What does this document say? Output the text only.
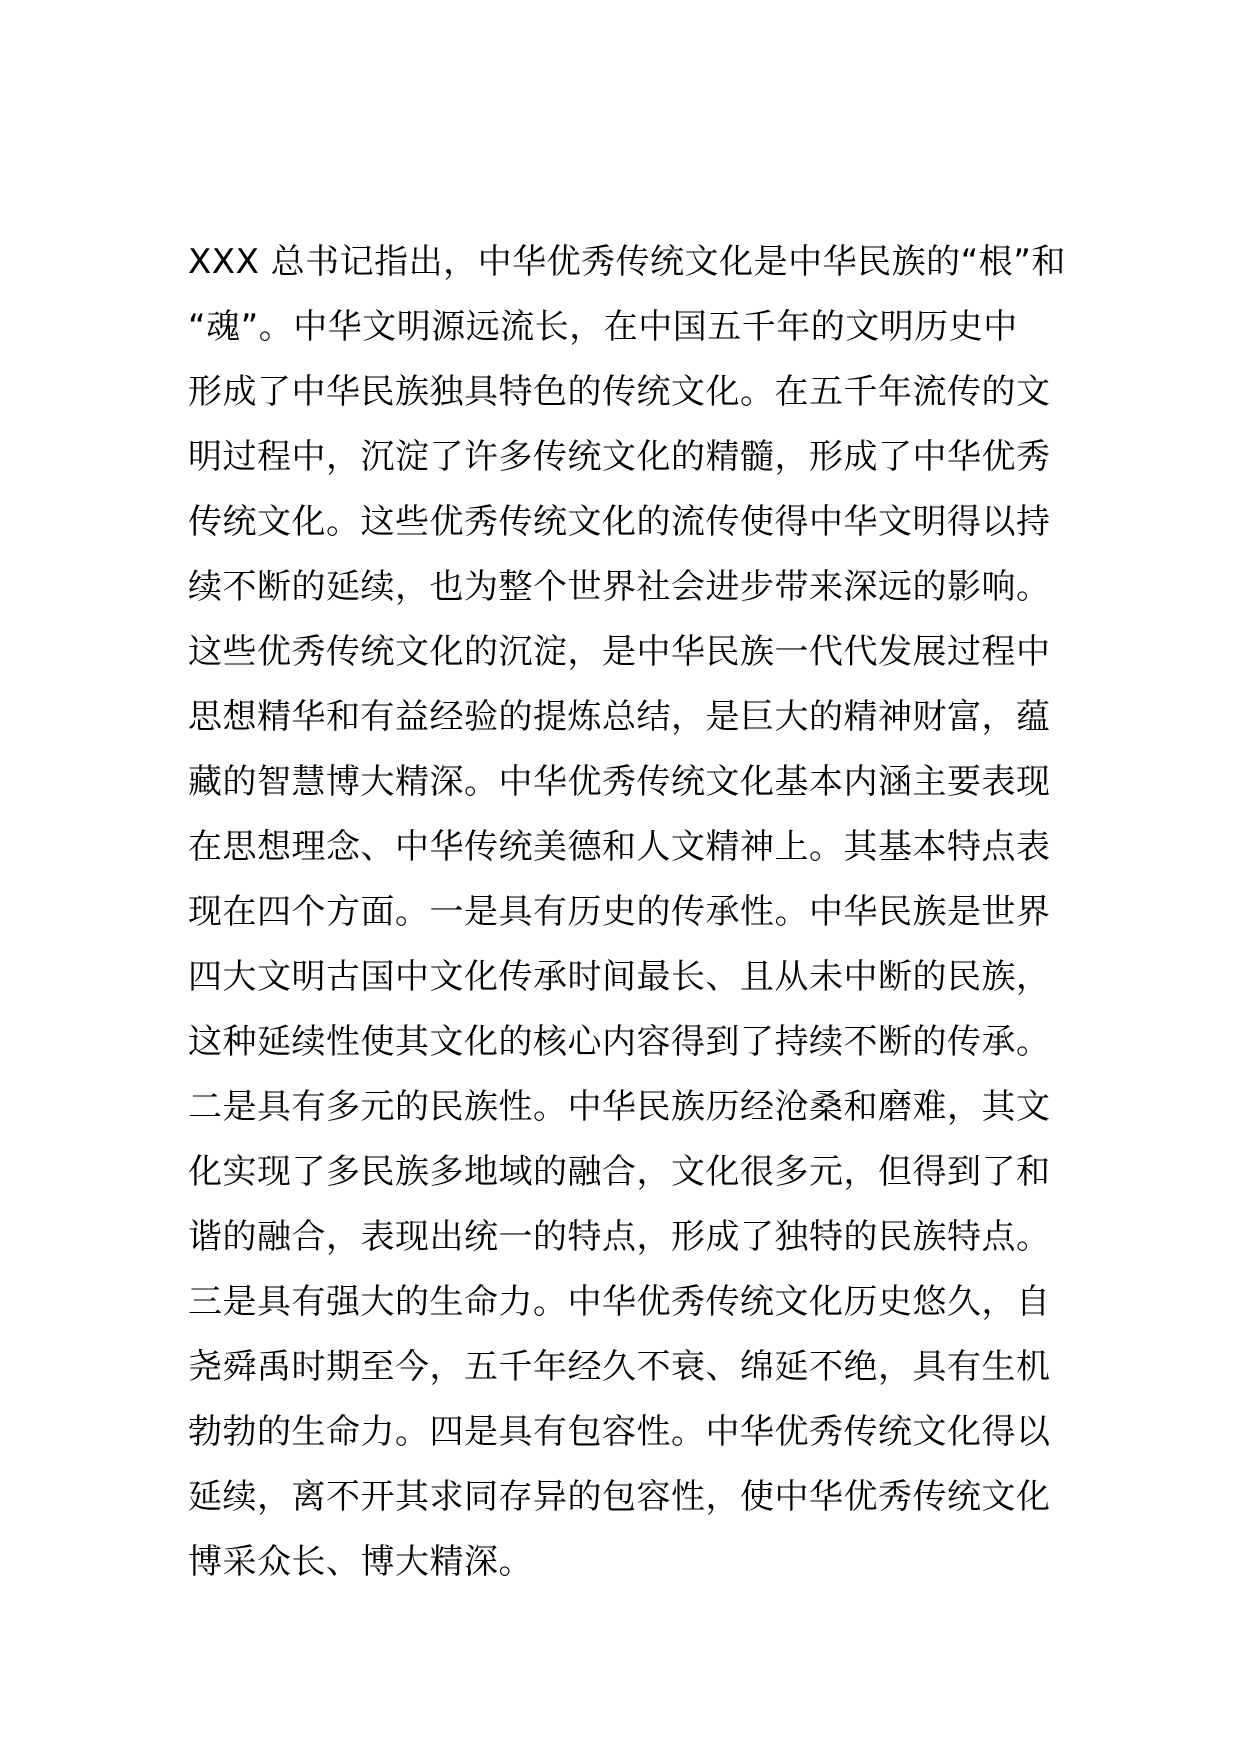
XXX 总书记指出，中华优秀传统文化是中华民族的“根”和
“魂”。中华文明源远流长，在中国五千年的文明历史中
形成了中华民族独具特色的传统文化。在五千年流传的文
明过程中，沉淀了许多传统文化的精髓，形成了中华优秀
传统文化。这些优秀传统文化的流传使得中华文明得以持
续不断的延续，也为整个世界社会进步带来深远的影响。
这些优秀传统文化的沉淀，是中华民族一代代发展过程中
思想精华和有益经验的提炼总结，是巨大的精神财富，蕴
藏的智慧博大精深。中华优秀传统文化基本内涵主要表现
在思想理念、中华传统美德和人文精神上。其基本特点表
现在四个方面。一是具有历史的传承性。中华民族是世界
四大文明古国中文化传承时间最长、且从未中断的民族，
这种延续性使其文化的核心内容得到了持续不断的传承。
二是具有多元的民族性。中华民族历经沧桑和磨难，其文
化实现了多民族多地域的融合，文化很多元，但得到了和
谐的融合，表现出统一的特点，形成了独特的民族特点。
三是具有强大的生命力。中华优秀传统文化历史悠久，自
尧舜禹时期至今，五千年经久不衰、绵延不绝，具有生机
勃勃的生命力。四是具有包容性。中华优秀传统文化得以
延续，离不开其求同存异的包容性，使中华优秀传统文化
博采众长、博大精深。
